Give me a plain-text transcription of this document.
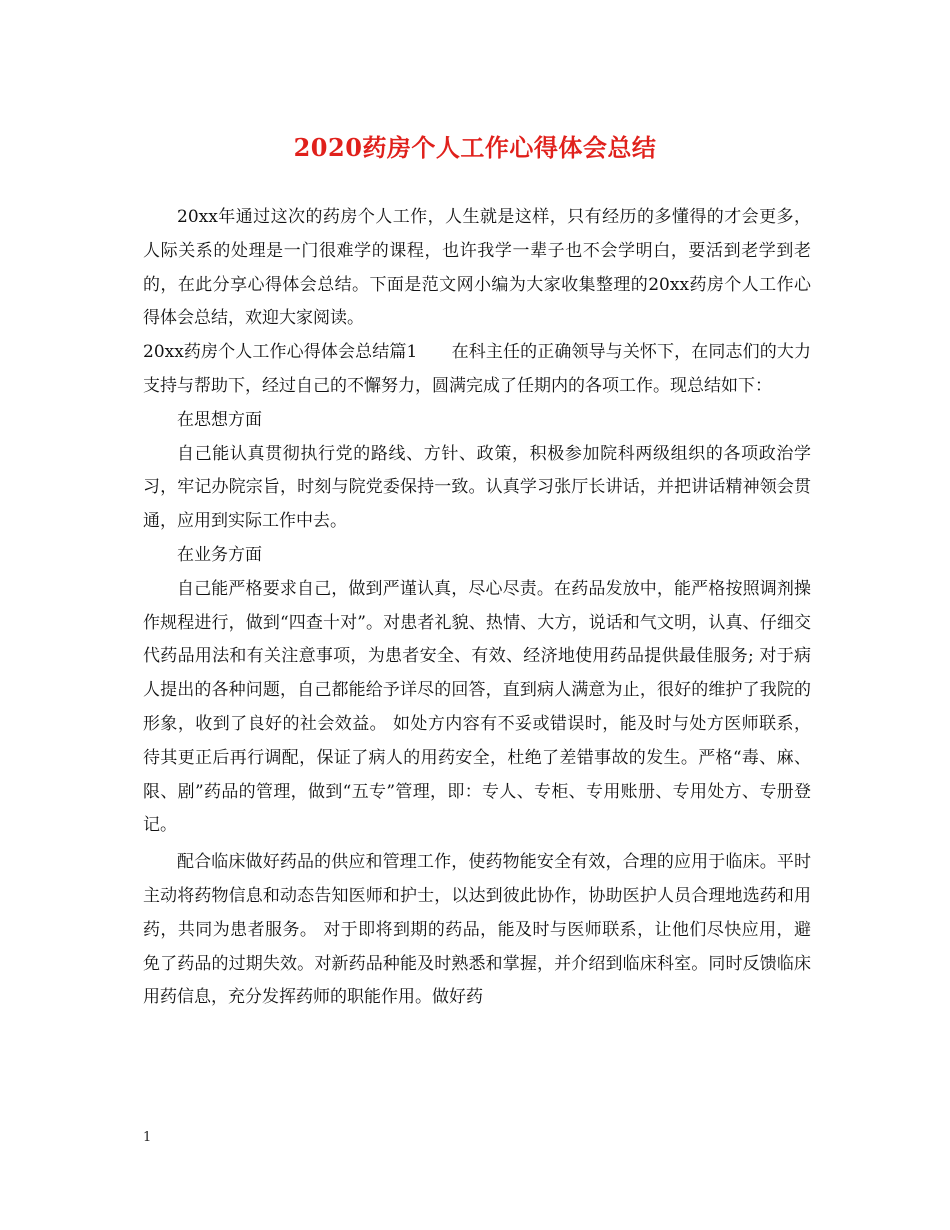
2020药房个人工作心得体会总结

20xx年通过这次的药房个人工作，人生就是这样，只有经历的多懂得的才会更多，人际关系的处理是一门很难学的课程，也许我学一辈子也不会学明白，要活到老学到老的，在此分享心得体会总结。下面是范文网小编为大家收集整理的20xx药房个人工作心得体会总结，欢迎大家阅读。

20xx药房个人工作心得体会总结篇1　　在科主任的正确领导与关怀下，在同志们的大力支持与帮助下，经过自己的不懈努力，圆满完成了任期内的各项工作。现总结如下：

在思想方面

自己能认真贯彻执行党的路线、方针、政策，积极参加院科两级组织的各项政治学习，牢记办院宗旨，时刻与院党委保持一致。认真学习张厅长讲话，并把讲话精神领会贯通，应用到实际工作中去。

在业务方面

自己能严格要求自己，做到严谨认真，尽心尽责。在药品发放中，能严格按照调剂操作规程进行，做到“四查十对”。对患者礼貌、热情、大方，说话和气文明，认真、仔细交代药品用法和有关注意事项，为患者安全、有效、经济地使用药品提供最佳服务; 对于病人提出的各种问题，自己都能给予详尽的回答，直到病人满意为止，很好的维护了我院的形象，收到了良好的社会效益。 如处方内容有不妥或错误时，能及时与处方医师联系，待其更正后再行调配，保证了病人的用药安全，杜绝了差错事故的发生。严格“毒、麻、限、剧”药品的管理，做到“五专”管理，即：专人、专柜、专用账册、专用处方、专册登记。

配合临床做好药品的供应和管理工作，使药物能安全有效，合理的应用于临床。平时主动将药物信息和动态告知医师和护士，以达到彼此协作，协助医护人员合理地选药和用药，共同为患者服务。 对于即将到期的药品，能及时与医师联系，让他们尽快应用，避免了药品的过期失效。对新药品种能及时熟悉和掌握，并介绍到临床科室。同时反馈临床用药信息，充分发挥药师的职能作用。做好药

1
